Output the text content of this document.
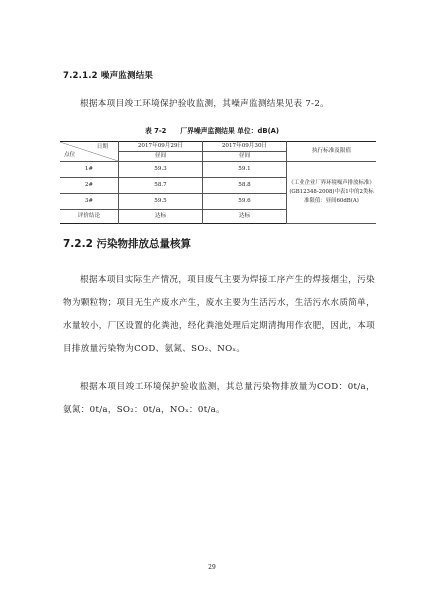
7.2.1.2 噪声监测结果
根据本项目竣工环境保护验收监测，其噪声监测结果见表 7-2。
表 7-2 厂界噪声监测结果 单位：dB(A)
日期
点位	2017年09月29日	2017年09月30日	执行标准及限值
	昼间	昼间	
1#	59.3	59.1	《工业企业厂界环境噪声排放标准》(GB12348-2008)中表1中的2类标准限值：昼间60dB(A)
2#	58.7	58.8	
3#	59.5	59.6	
评价结论	达标	达标	
7.2.2 污染物排放总量核算
根据本项目实际生产情况，项目废气主要为焊接工序产生的焊接烟尘，污染物为颗粒物；项目无生产废水产生，废水主要为生活污水，生活污水水质简单，水量较小，厂区设置的化粪池，经化粪池处理后定期清掏用作农肥，因此，本项目排放量污染物为COD、氨氮、SO₂、NOₓ。
根据本项目竣工环境保护验收监测，其总量污染物排放量为COD：0t/a，氨氮：0t/a，SO₂：0t/a，NOₓ：0t/a。
29
